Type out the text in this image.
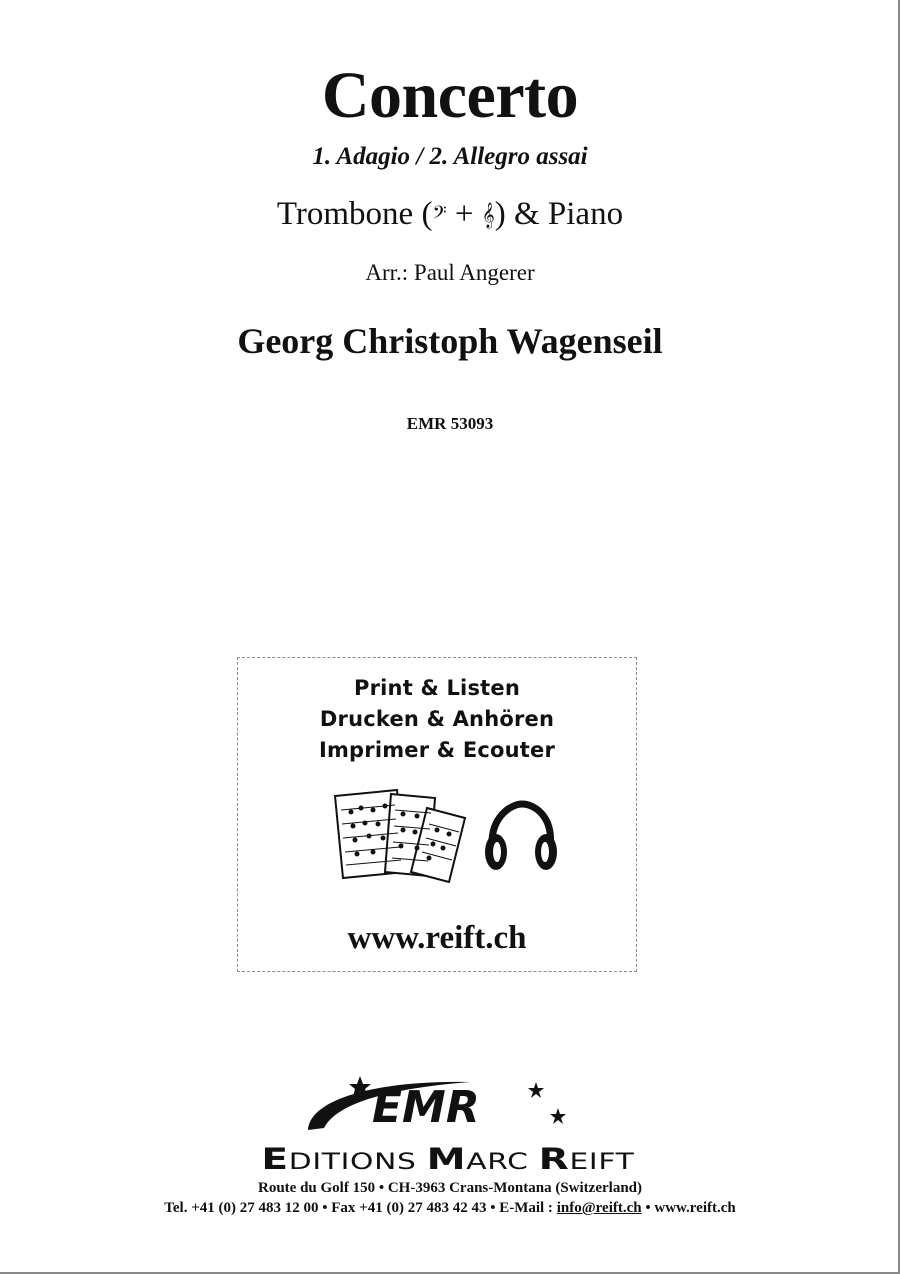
Concerto
1. Adagio / 2. Allegro assai
Trombone (𝄢 + 𝄞) & Piano
Arr.: Paul Angerer
Georg Christoph Wagenseil
EMR 53093
Print & Listen
Drucken & Anhören
Imprimer & Ecouter
www.reift.ch
EMR
EDITIONS MARC REIFT
Route du Golf 150 • CH-3963 Crans-Montana (Switzerland)
Tel. +41 (0) 27 483 12 00 • Fax +41 (0) 27 483 42 43 • E-Mail : info@reift.ch • www.reift.ch
